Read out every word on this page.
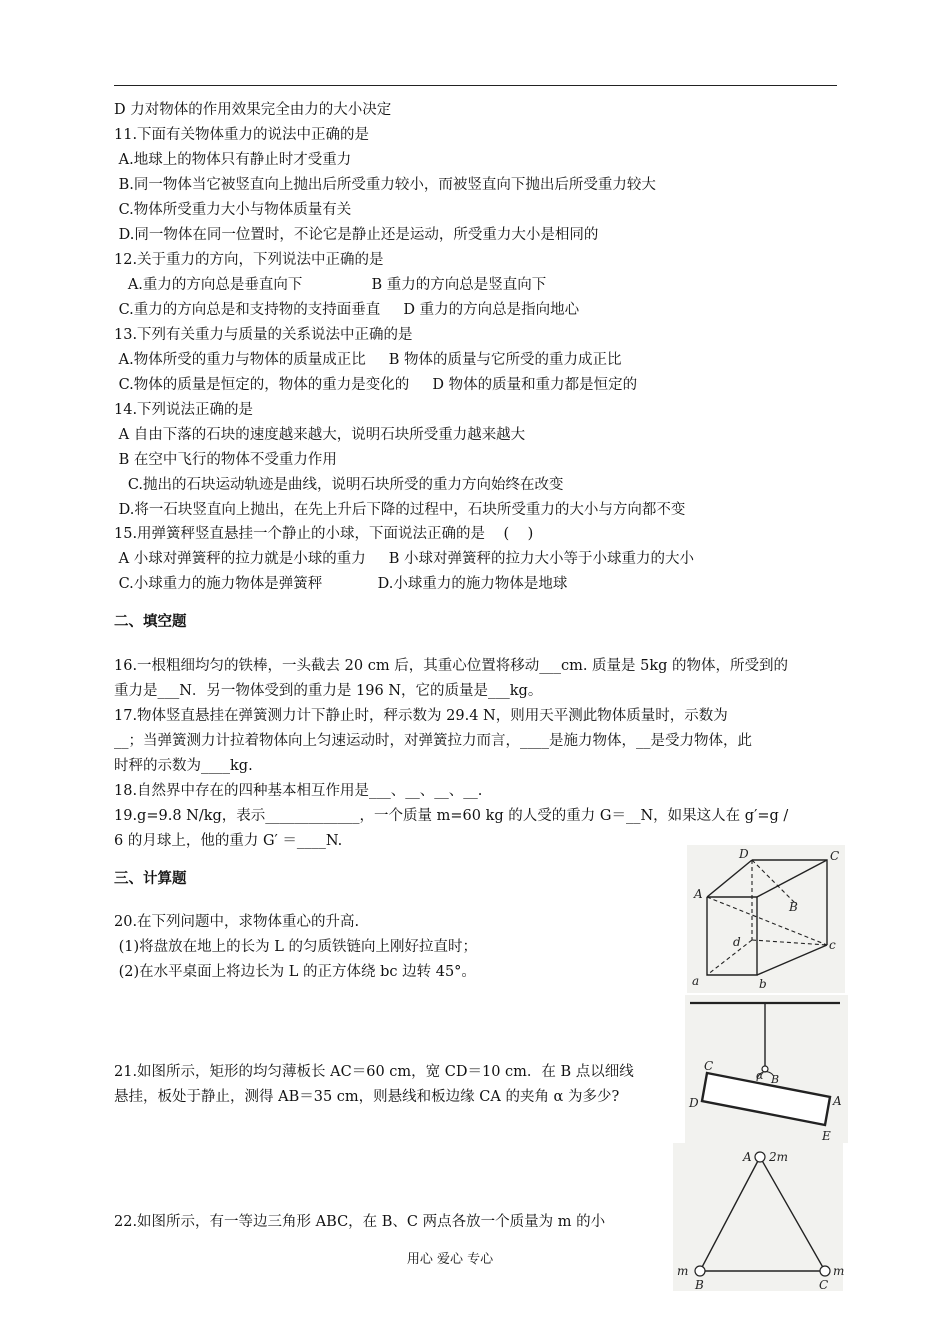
D 力对物体的作用效果完全由力的大小决定
11.下面有关物体重力的说法中正确的是
A.地球上的物体只有静止时才受重力
B.同一物体当它被竖直向上抛出后所受重力较小，而被竖直向下抛出后所受重力较大
C.物体所受重力大小与物体质量有关
D.同一物体在同一位置时，不论它是静止还是运动，所受重力大小是相同的
12.关于重力的方向，下列说法中正确的是
A.重力的方向总是垂直向下               B 重力的方向总是竖直向下
C.重力的方向总是和支持物的支持面垂直     D 重力的方向总是指向地心
13.下列有关重力与质量的关系说法中正确的是
A.物体所受的重力与物体的质量成正比     B 物体的质量与它所受的重力成正比
C.物体的质量是恒定的，物体的重力是变化的     D 物体的质量和重力都是恒定的
14.下列说法正确的是
A 自由下落的石块的速度越来越大，说明石块所受重力越来越大
B 在空中飞行的物体不受重力作用
C.抛出的石块运动轨迹是曲线，说明石块所受的重力方向始终在改变
D.将一石块竖直向上抛出，在先上升后下降的过程中，石块所受重力的大小与方向都不变
15.用弹簧秤竖直悬挂一个静止的小球，下面说法正确的是    (    )
A 小球对弹簧秤的拉力就是小球的重力     B 小球对弹簧秤的拉力大小等于小球重力的大小
C.小球重力的施力物体是弹簧秤            D.小球重力的施力物体是地球
二、填空题
16.一根粗细均匀的铁棒，一头截去 20 cm 后，其重心位置将移动___cm. 质量是 5kg 的物体，所受到的
重力是___N．另一物体受到的重力是 196 N，它的质量是___kg。
17.物体竖直悬挂在弹簧测力计下静止时，秤示数为 29.4 N，则用天平测此物体质量时，示数为
__；当弹簧测力计拉着物体向上匀速运动时，对弹簧拉力而言，____是施力物体，__是受力物体，此
时秤的示数为____kg.
18.自然界中存在的四种基本相互作用是___、__、__、__.
19.g=9.8 N/kg，表示_____________，一个质量 m=60 kg 的人受的重力 G＝__N，如果这人在 g′=g /
6 的月球上，他的重力 G′ ＝____N.
三、计算题
20.在下列问题中，求物体重心的升高.
(1)将盘放在地上的长为 L 的匀质铁链向上刚好拉直时；
(2)在水平桌面上将边长为 L 的正方体绕 bc 边转 45°。
21.如图所示，矩形的均匀薄板长 AC＝60 cm，宽 CD＝10 cm．在 B 点以细线
悬挂，板处于静止，测得 AB＝35 cm，则悬线和板边缘 CA 的夹角 α 为多少?
22.如图所示，有一等边三角形 ABC，在 B、C 两点各放一个质量为 m 的小
D	C
A
B
d	c
a	b
C
B
α
D	A
E
A 2m
m
B	C
m
用心 爱心 专心
